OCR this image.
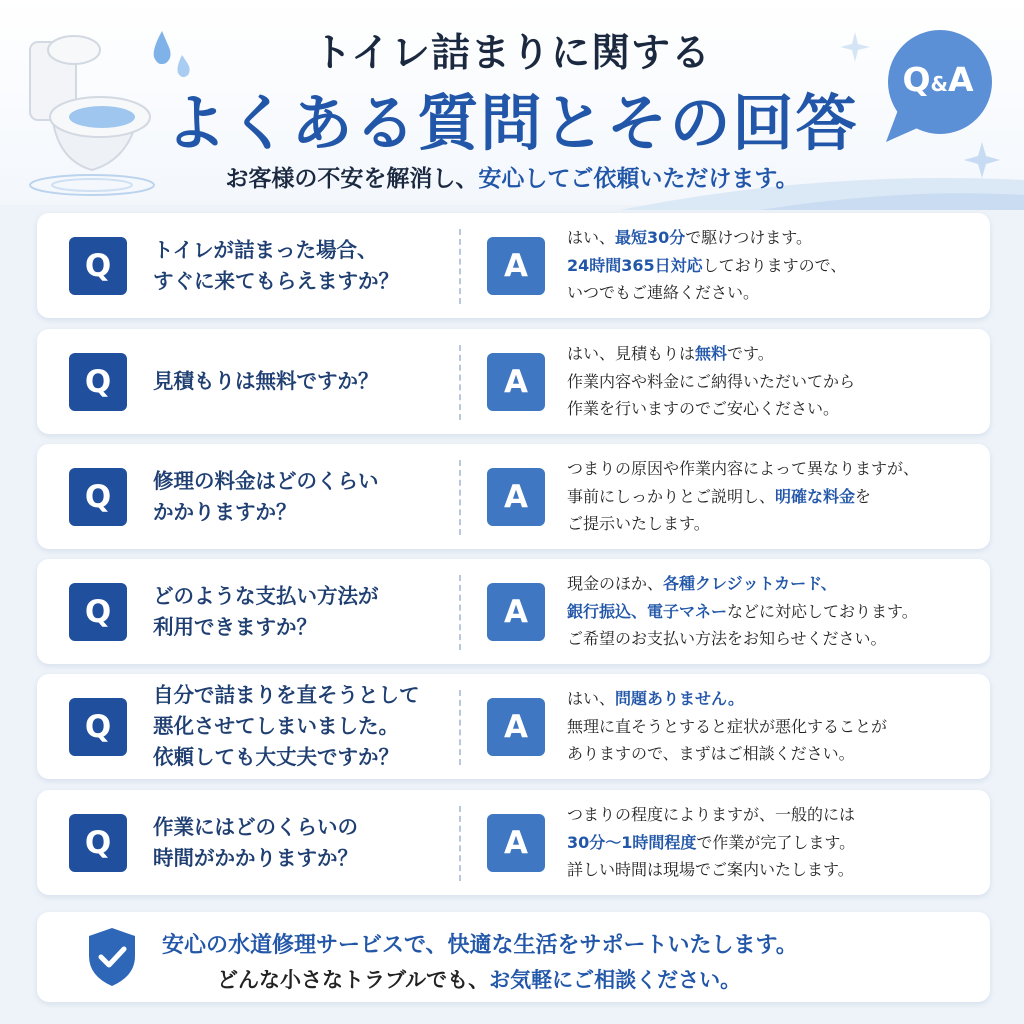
Q&A
トイレ詰まりに関する
よくある質問とその回答
お客様の不安を解消し、安心してご依頼いただけます。
Q	トイレが詰まった場合、
すぐに来てもらえますか？	A
はい、最短30分で駆けつけます。
24時間365日対応しておりますので、
いつでもご連絡ください。
Q	見積もりは無料ですか？	A
はい、見積もりは無料です。
作業内容や料金にご納得いただいてから
作業を行いますのでご安心ください。
Q	修理の料金はどのくらい
かかりますか？	A
つまりの原因や作業内容によって異なりますが、
事前にしっかりとご説明し、明確な料金を
ご提示いたします。
Q	どのような支払い方法が
利用できますか？	A
現金のほか、各種クレジットカード、
銀行振込、電子マネーなどに対応しております。
ご希望のお支払い方法をお知らせください。
Q
自分で詰まりを直そうとして
悪化させてしまいました。
依頼しても大丈夫ですか？
A
はい、問題ありません。
無理に直そうとすると症状が悪化することが
ありますので、まずはご相談ください。
Q	作業にはどのくらいの
時間がかかりますか？	A
つまりの程度によりますが、一般的には
30分〜1時間程度で作業が完了します。
詳しい時間は現場でご案内いたします。
安心の水道修理サービスで、快適な生活をサポートいたします。
どんな小さなトラブルでも、お気軽にご相談ください。
